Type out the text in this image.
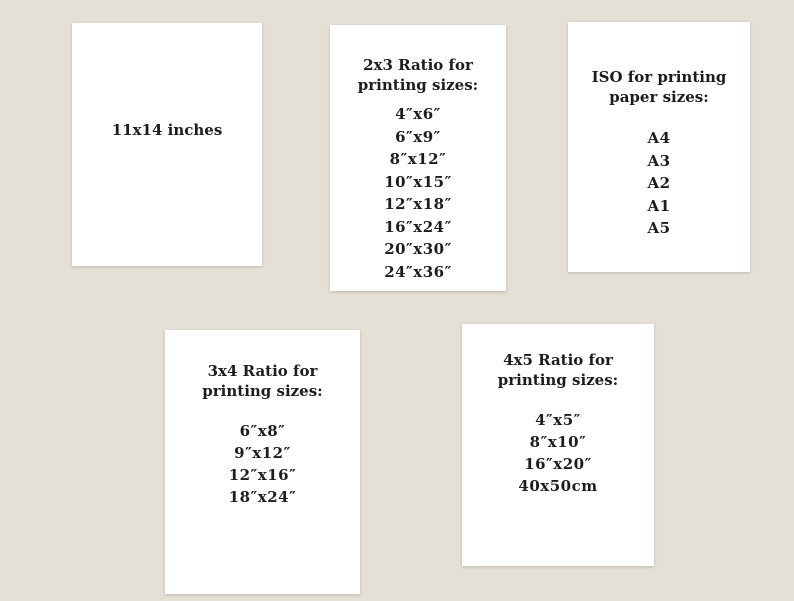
11x14 inches
2x3 Ratio for
printing sizes:
4″x6″
6″x9″
8″x12″
10″x15″
12″x18″
16″x24″
20″x30″
24″x36″
ISO for printing
paper sizes:
A4
A3
A2
A1
A5
3x4 Ratio for
printing sizes:
6″x8″
9″x12″
12″x16″
18″x24″
4x5 Ratio for
printing sizes:
4″x5″
8″x10″
16″x20″
40x50cm
